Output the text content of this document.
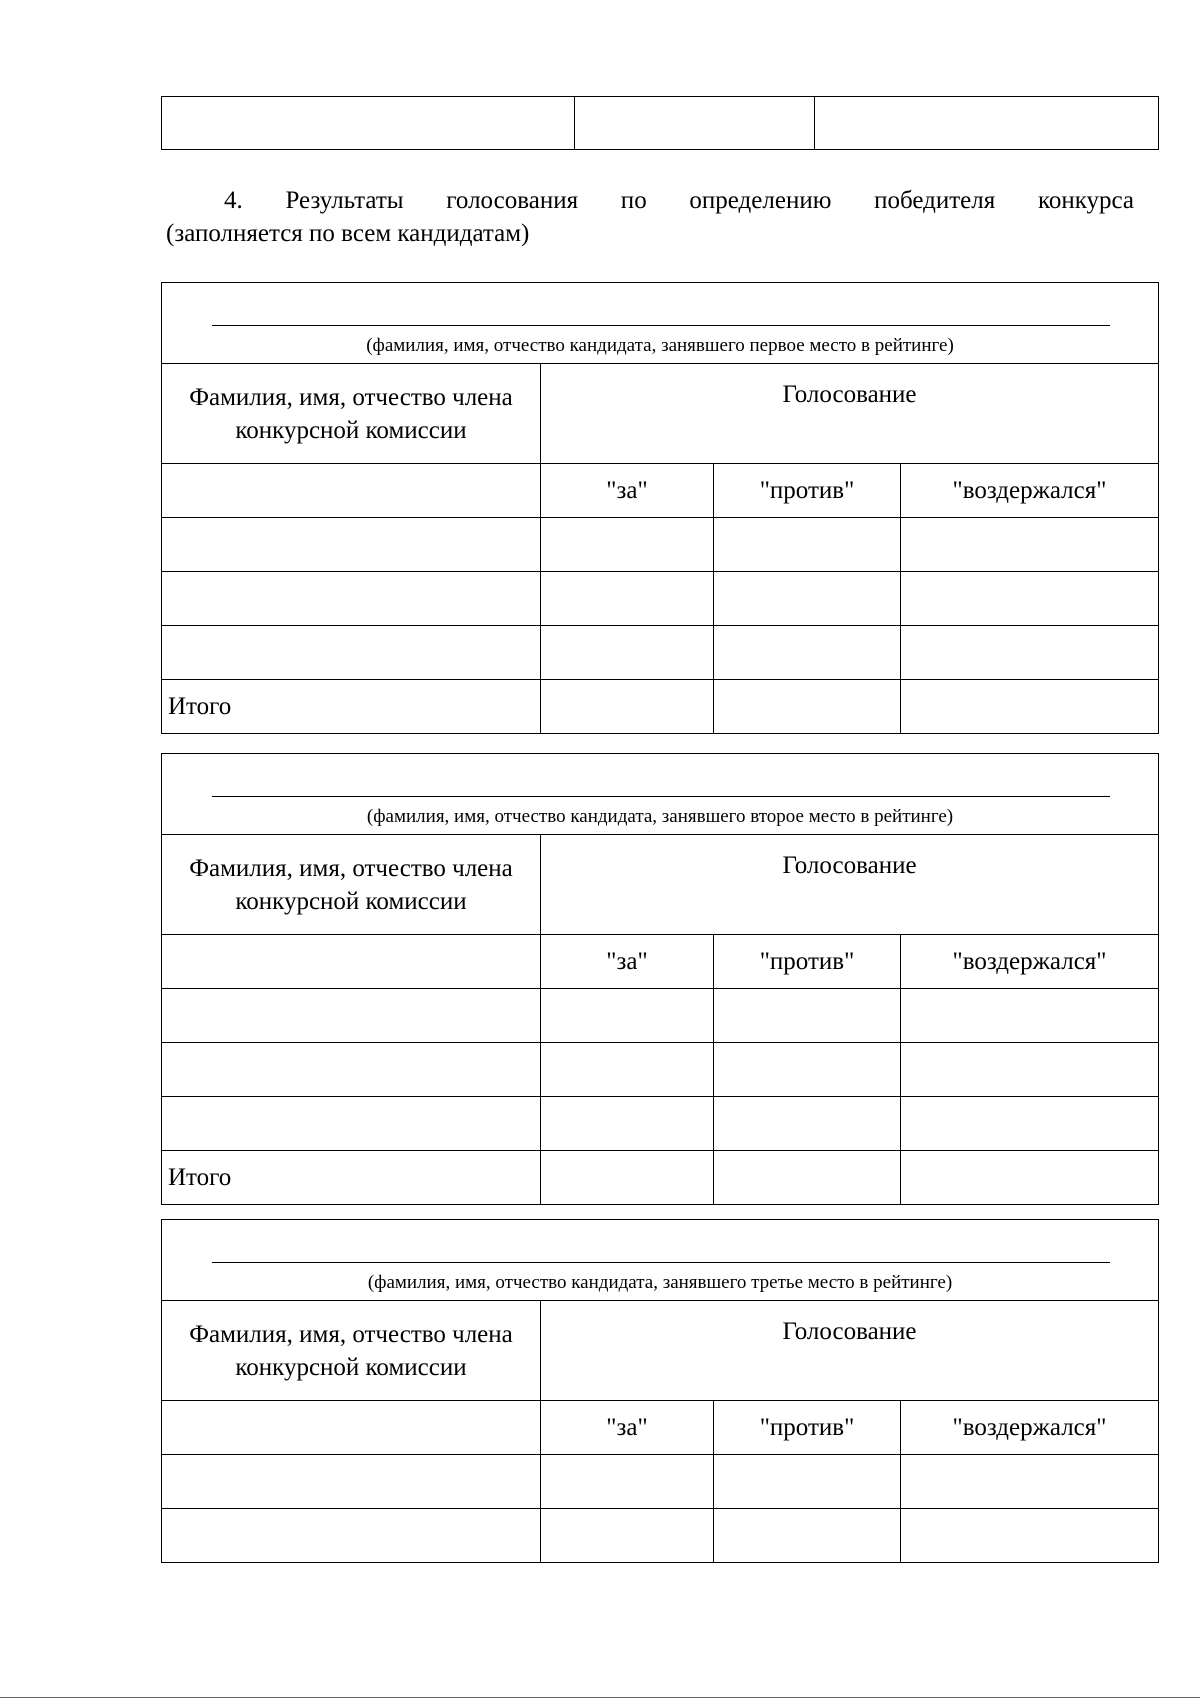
4. Результаты голосования по определению победителя конкурса
(заполняется по всем кандидатам)
(фамилия, имя, отчество кандидата, занявшего первое место в рейтинге)			

Фамилия, имя, отчество члена конкурсной комиссии	Голосование		
	"за"	"против"	"воздержался"

Итого			
(фамилия, имя, отчество кандидата, занявшего второе место в рейтинге)			

Фамилия, имя, отчество члена конкурсной комиссии	Голосование		
	"за"	"против"	"воздержался"

Итого			
(фамилия, имя, отчество кандидата, занявшего третье место в рейтинге)			

Фамилия, имя, отчество члена конкурсной комиссии	Голосование		
	"за"	"против"	"воздержался"
